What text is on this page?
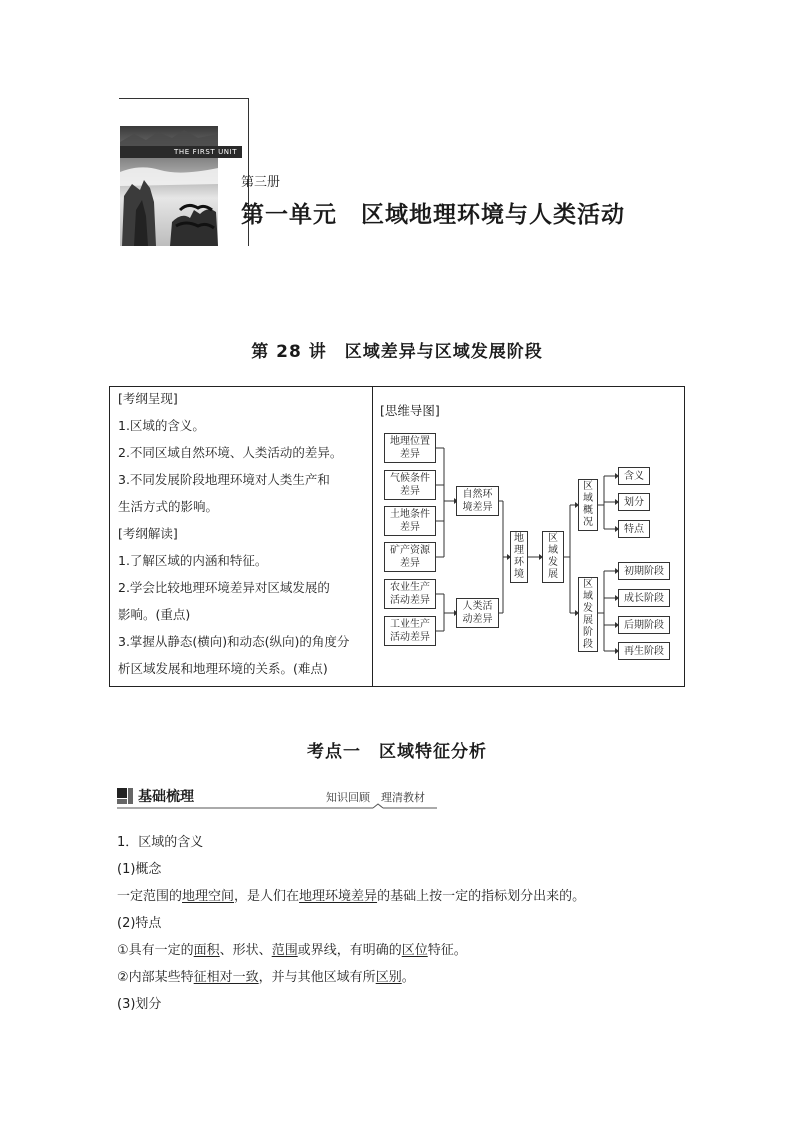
THE FIRST UNIT
第三册
第一单元　区域地理环境与人类活动
第 28 讲　区域差异与区域发展阶段
[考纲呈现]
1.区域的含义。
2.不同区域自然环境、人类活动的差异。
3.不同发展阶段地理环境对人类生产和
生活方式的影响。
[考纲解读]
1.了解区域的内涵和特征。
2.学会比较地理环境差异对区域发展的
影响。(重点)
3.掌握从静态(横向)和动态(纵向)的角度分
析区域发展和地理环境的关系。(难点)
[思维导图]
地理位置
差异
气候条件
差异
土地条件
差异
矿产资源
差异
农业生产
活动差异
工业生产
活动差异
自然环
境差异
人类活
动差异
地
理
环
境
区
域
发
展
区
域
概
况
区
域
发
展
阶
段
含义
划分
特点
初期阶段
成长阶段
后期阶段
再生阶段
考点一　区域特征分析
基础梳理	知识回顾　理清教材
1．区域的含义
(1)概念
一定范围的地理空间，是人们在地理环境差异的基础上按一定的指标划分出来的。
(2)特点
①具有一定的面积、形状、范围或界线，有明确的区位特征。
②内部某些特征相对一致，并与其他区域有所区别。
(3)划分
